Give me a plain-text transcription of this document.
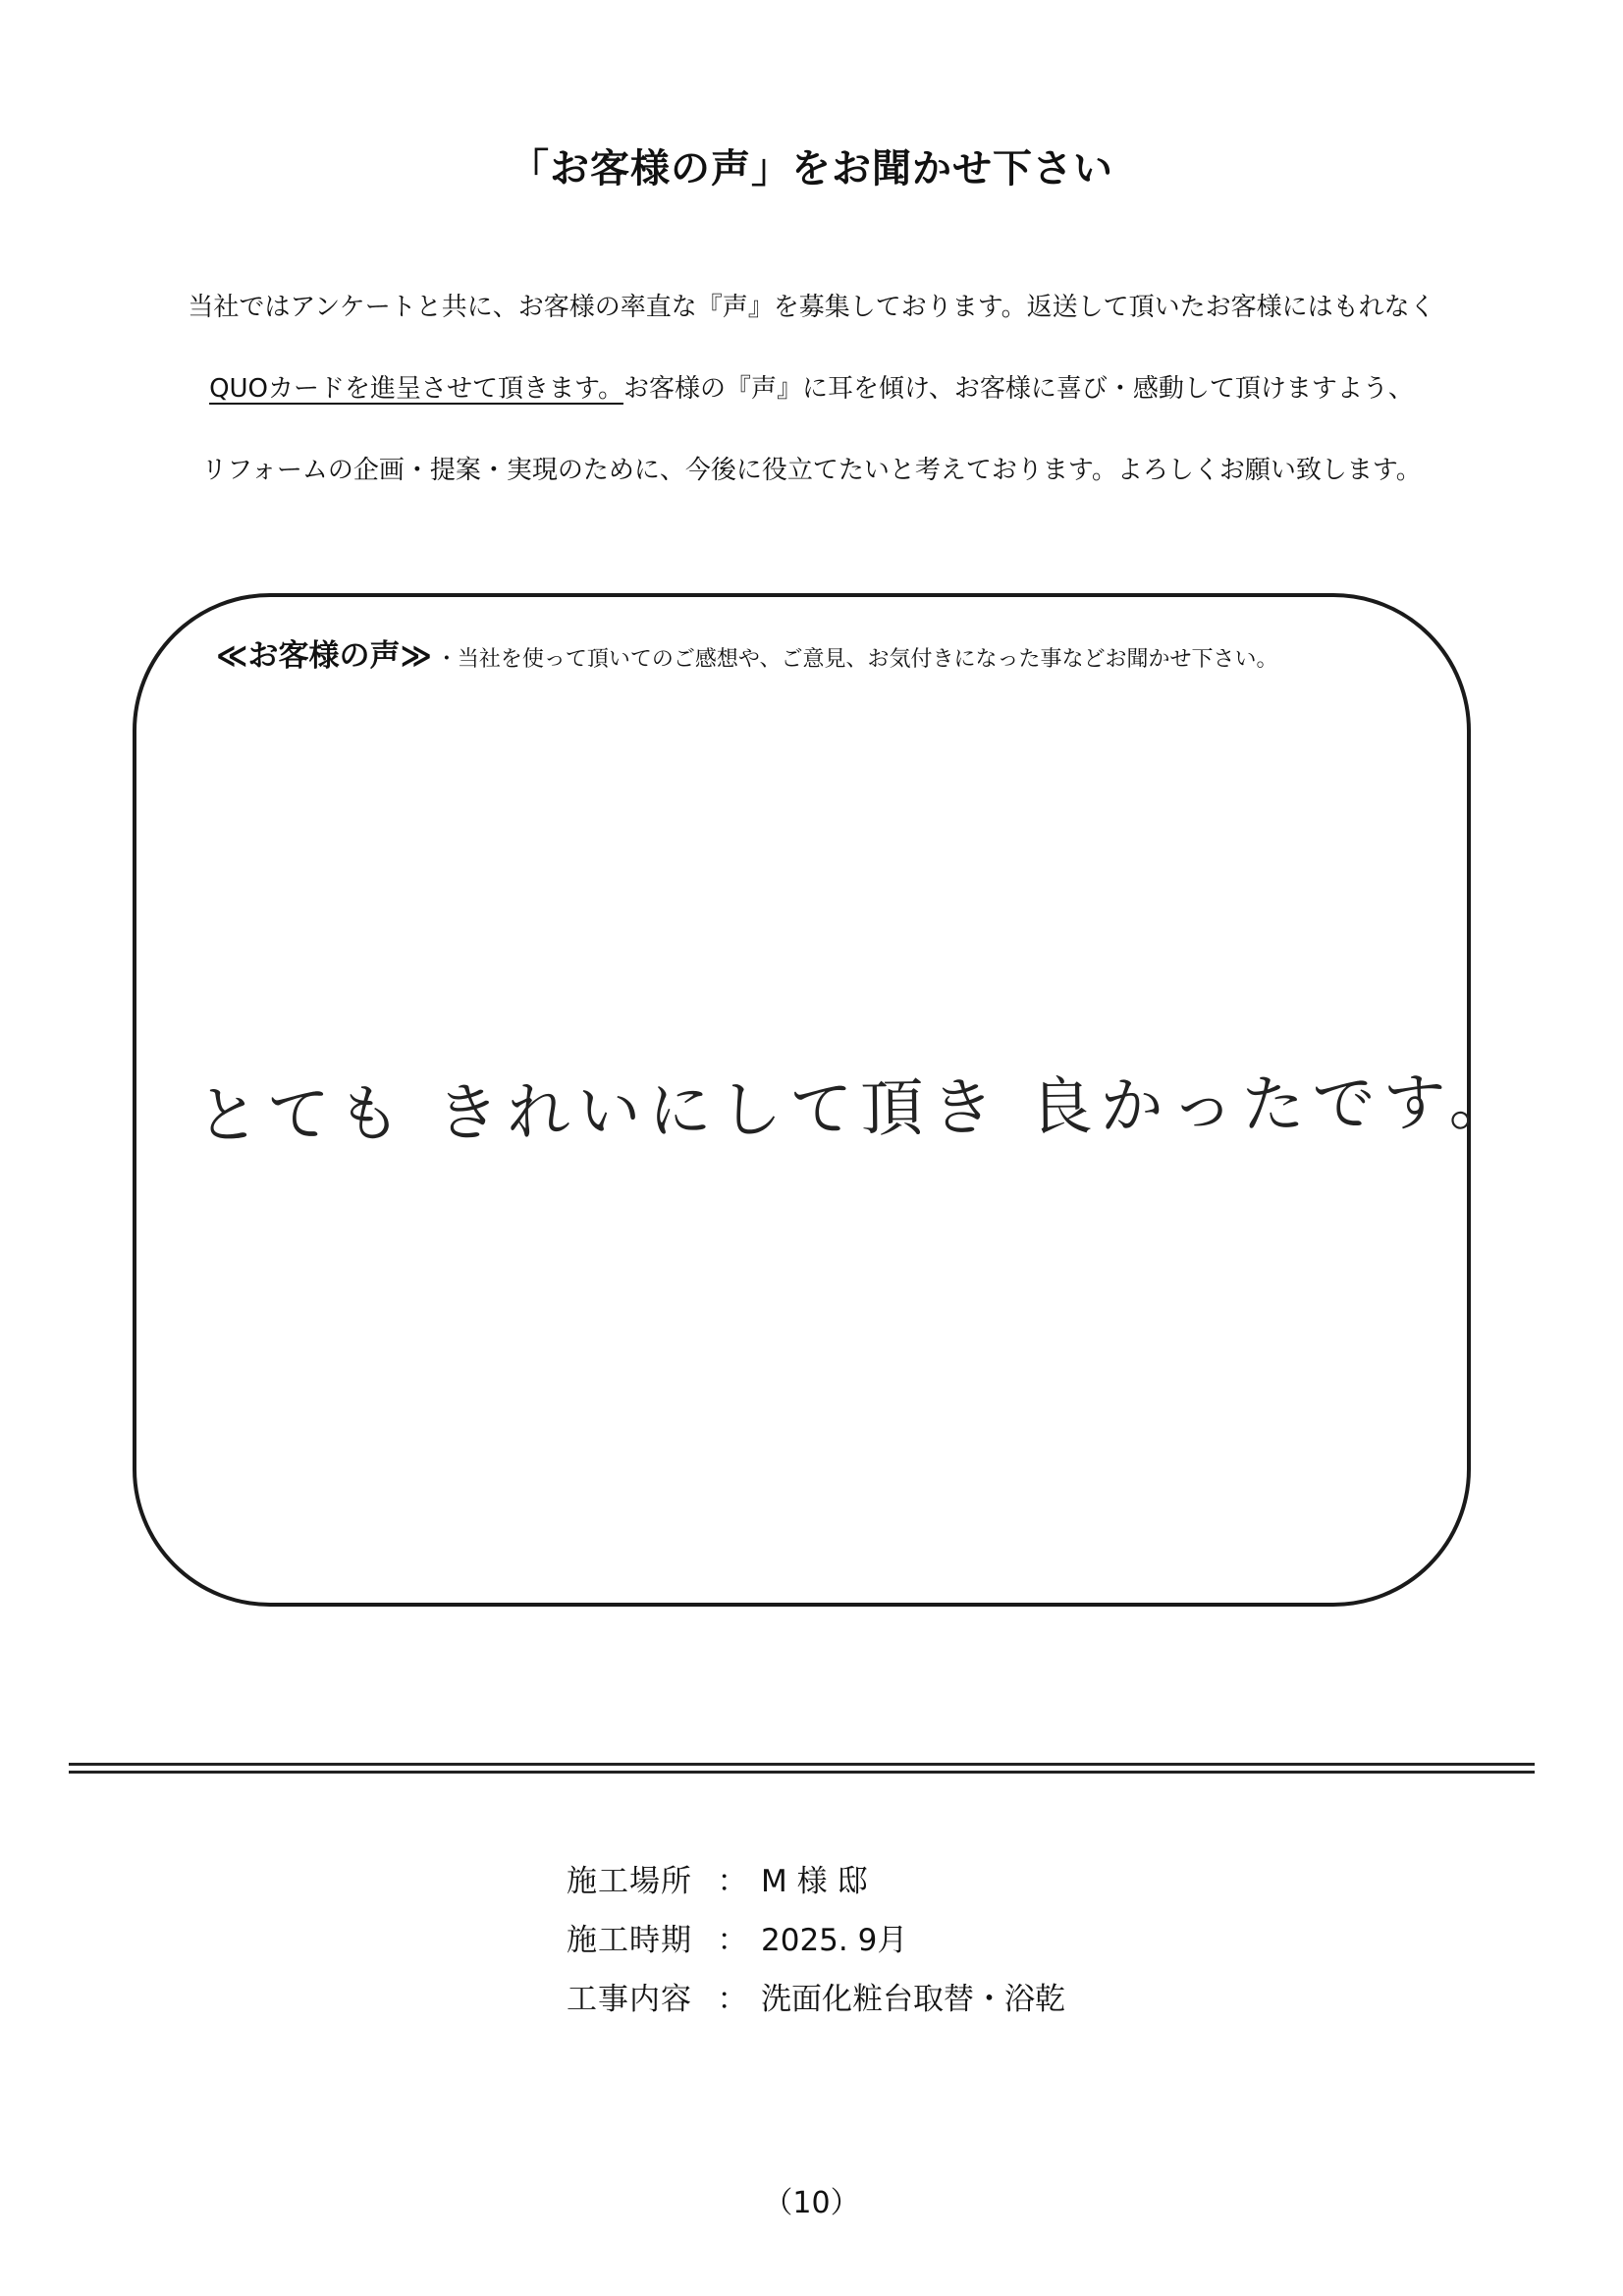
「お客様の声」をお聞かせ下さい
当社ではアンケートと共に、お客様の率直な『声』を募集しております。返送して頂いたお客様にはもれなく
QUOカードを進呈させて頂きます。お客様の『声』に耳を傾け、お客様に喜び・感動して頂けますよう、
リフォームの企画・提案・実現のために、今後に役立てたいと考えております。よろしくお願い致します。
≪お客様の声≫ ・当社を使って頂いてのご感想や、ご意見、お気付きになった事などお聞かせ下さい。
とても きれいにして頂き 良かったです。
施工場所 ： M 様 邸
施工時期 ： 2025. 9月
工事内容 ： 洗面化粧台取替・浴乾
（10）
